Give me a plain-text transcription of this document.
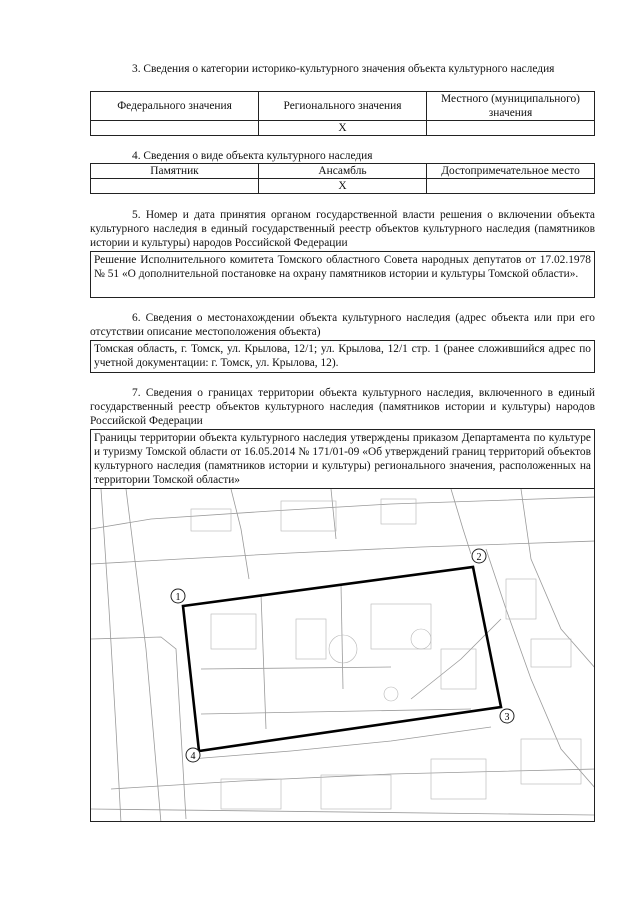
3. Сведения о категории историко-культурного значения объекта культурного наследия
Федерального значения	Регионального значения	Местного (муниципального) значения
	X	
4. Сведения о виде объекта культурного наследия
Памятник	Ансамбль	Достопримечательное место
	X	
5. Номер и дата принятия органом государственной власти решения о включении объекта культурного наследия в единый государственный реестр объектов культурного наследия (памятников истории и культуры) народов Российской Федерации
Решение Исполнительного комитета Томского областного Совета народных депутатов от 17.02.1978 № 51 «О дополнительной постановке на охрану памятников истории и культуры Томской области».
6. Сведения о местонахождении объекта культурного наследия (адрес объекта или при его отсутствии описание местоположения объекта)
Томская область, г. Томск, ул. Крылова, 12/1; ул. Крылова, 12/1 стр. 1 (ранее сложившийся адрес по учетной документации: г. Томск, ул. Крылова, 12).
7. Сведения о границах территории объекта культурного наследия, включенного в единый государственный реестр объектов культурного наследия (памятников истории и культуры) народов Российской Федерации
Границы территории объекта культурного наследия утверждены приказом Департамента по культуре и туризму Томской области от 16.05.2014 № 171/01-09 «Об утверждений границ территорий объектов культурного наследия (памятников истории и культуры) регионального значения, расположенных на территории Томской области»
1
2
3
4
